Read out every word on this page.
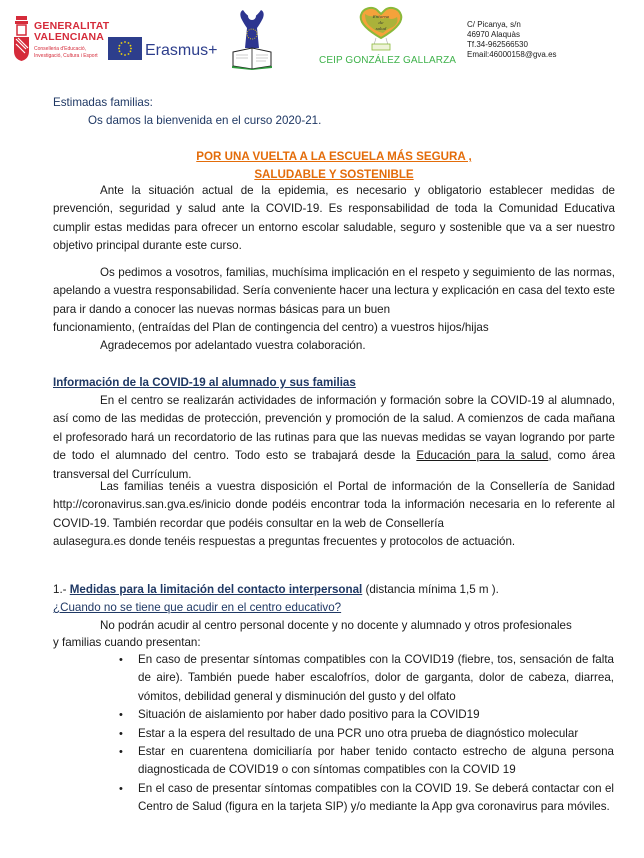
GENERALITAT
VALENCIANA
Conselleria d'Educació,
Investigació, Cultura i Esport	Erasmus+
Entorno
de
salud
CEIP GONZÁLEZ GALLARZA
C/ Picanya, s/n
46970 Alaquàs
Tf.34-962566530
Email:46000158@gva.es
Estimadas familias:
Os damos la bienvenida en el curso 2020-21.
POR UNA VUELTA A LA ESCUELA MÁS SEGURA ,
SALUDABLE Y SOSTENIBLE
Ante la situación actual de la epidemia, es necesario y obligatorio establecer medidas de prevención, seguridad y salud ante la COVID-19. Es responsabilidad de toda la Comunidad Educativa cumplir estas medidas para ofrecer un entorno escolar saludable, seguro y sostenible que va a ser nuestro objetivo principal durante este curso.
Os pedimos a vosotros, familias, muchísima implicación en el respeto y seguimiento de las normas, apelando a vuestra responsabilidad. Sería conveniente hacer una lectura y explicación en casa del texto este para ir dando a conocer las nuevas normas básicas para un buen
funcionamiento, (entraídas del Plan de contingencia del centro) a vuestros hijos/hijas
Agradecemos por adelantado vuestra colaboración.
Información de la COVID-19 al alumnado y sus familias
En el centro se realizarán actividades de información y formación sobre la COVID-19 al alumnado, así como de las medidas de protección, prevención y promoción de la salud. A comienzos de cada mañana el profesorado hará un recordatorio de las rutinas para que las nuevas medidas se vayan logrando por parte de todo el alumnado del centro. Todo esto se trabajará desde la Educación para la salud, como área transversal del Currículum.
Las familias tenéis a vuestra disposición el Portal de información de la Consellería de Sanidad http://coronavirus.san.gva.es/inicio donde podéis encontrar toda la información necesaria en lo referente al COVID-19. También recordar que podéis consultar en la web de Consellería
aulasegura.es donde tenéis respuestas a preguntas frecuentes y protocolos de actuación.
1.- Medidas para la limitación del contacto interpersonal (distancia mínima 1,5 m ).
¿Cuando no se tiene que acudir en el centro educativo?
No podrán acudir al centro personal docente y no docente y alumnado y otros profesionales
y familias cuando presentan:
• En caso de presentar síntomas compatibles con la COVID19 (fiebre, tos, sensación de falta de aire). También puede haber escalofríos, dolor de garganta, dolor de cabeza, diarrea, vómitos, debilidad general y disminución del gusto y del olfato
• Situación de aislamiento por haber dado positivo para la COVID19
• Estar a la espera del resultado de una PCR uno otra prueba de diagnóstico molecular
• Estar en cuarentena domiciliaría por haber tenido contacto estrecho de alguna persona diagnosticada de COVID19 o con síntomas compatibles con la COVID 19
• En el caso de presentar síntomas compatibles con la COVID 19. Se deberá contactar con el Centro de Salud (figura en la tarjeta SIP) y/o mediante la App gva coronavirus para móviles.
